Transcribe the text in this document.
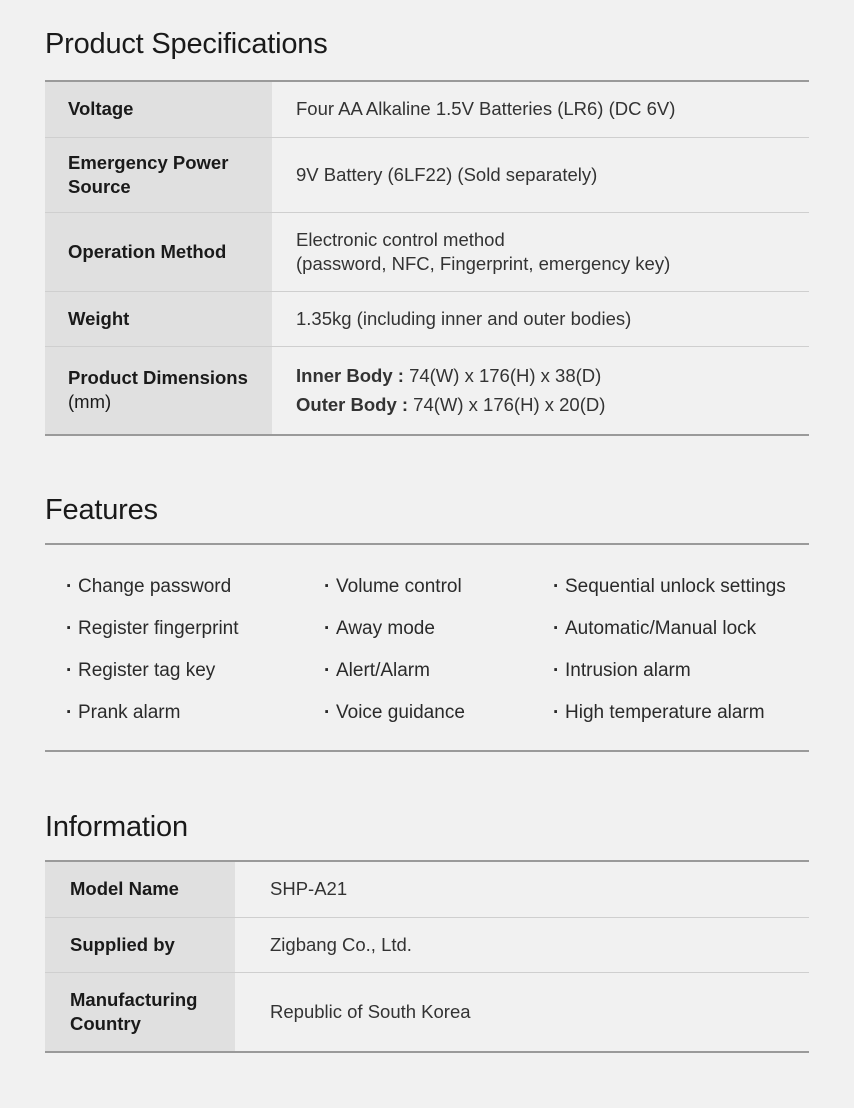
Product Specifications
Voltage	Four AA Alkaline 1.5V Batteries (LR6) (DC 6V)
Emergency Power
Source	9V Battery (6LF22) (Sold separately)
Operation Method	Electronic control method
(password, NFC, Fingerprint, emergency key)
Weight	1.35kg (including inner and outer bodies)
Product Dimensions
(mm)	Inner Body : 74(W) x 176(H) x 38(D)
Outer Body : 74(W) x 176(H) x 20(D)
Features
· Change password
· Register fingerprint
· Register tag key
· Prank alarm
· Volume control
· Away mode
· Alert/Alarm
· Voice guidance
· Sequential unlock settings
· Automatic/Manual lock
· Intrusion alarm
· High temperature alarm
Information
Model Name	SHP-A21
Supplied by	Zigbang Co., Ltd.
Manufacturing
Country	Republic of South Korea
